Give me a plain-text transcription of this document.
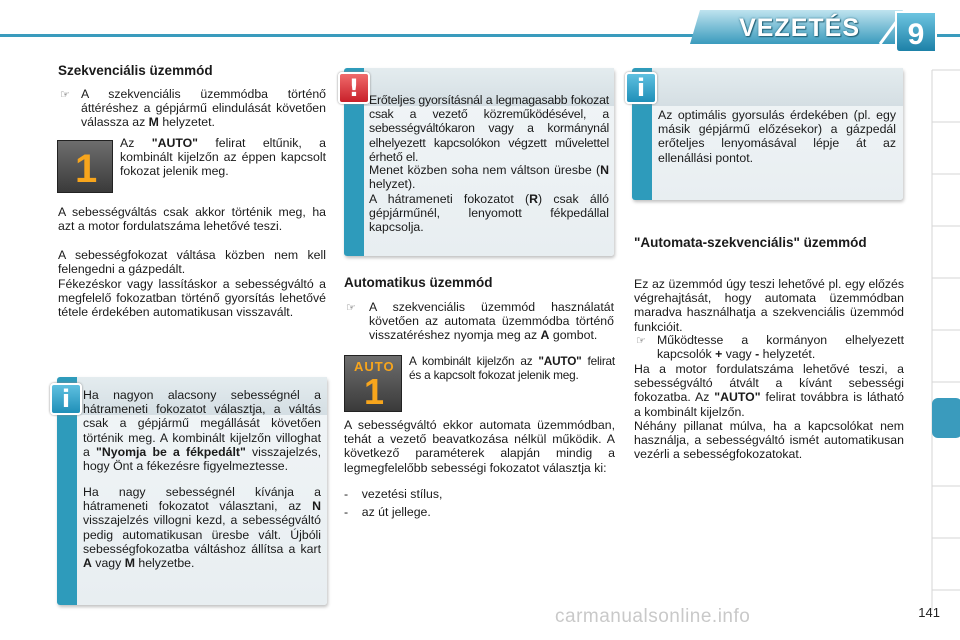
VEZETÉS 9
Szekvenciális üzemmód
☞ A szekvenciális üzemmódba történő áttéréshez a gépjármű elindulását követően válassza az M helyzetet.

1

Az "AUTO" felirat eltűnik, a kombinált kijelzőn az éppen kapcsolt fokozat jelenik meg.

A sebességváltás csak akkor történik meg, ha azt a motor fordulatszáma lehetővé teszi.

A sebességfokozat váltása közben nem kell felengedni a gázpedált.

Fékezéskor vagy lassításkor a sebességváltó a megfelelő fokozatban történő gyorsítás lehetővé tétele érdekében automatikusan visszavált.

i	Ha nagyon alacsony sebességnél a hátrameneti fokozatot választja, a váltás csak a gépjármű megállását követően történik meg. A kombinált kijelzőn villoghat a "Nyomja be a fékpedált" visszajelzés, hogy Önt a fékezésre figyelmeztesse.

Ha nagy sebességnél kívánja a hátrameneti fokozatot választani, az N visszajelzés villogni kezd, a sebességváltó pedig automatikusan üresbe vált. Újbóli sebességfokozatba váltáshoz állítsa a kart A vagy M helyzetbe.

! Erőteljes gyorsításnál a legmagasabb fokozat csak a vezető közreműködésével, a sebességváltókaron vagy a kormánynál elhelyezett kapcsolókon végzett művelettel érhető el.

Menet közben soha nem váltson üresbe (N helyzet).

A hátrameneti fokozatot (R) csak álló gépjárműnél, lenyomott fékpedállal kapcsolja.

Automatikus üzemmód
☞ A szekvenciális üzemmód használatát követően az automata üzemmódba történő visszatéréshez nyomja meg az A gombot.

AUTO
1

A kombinált kijelzőn az "AUTO" felirat és a kapcsolt fokozat jelenik meg.

A sebességváltó ekkor automata üzemmódban, tehát a vezető beavatkozása nélkül működik. A következő paraméterek alapján mindig a legmegfelelőbb sebességi fokozatot választja ki:

-    vezetési stílus,

-    az út jellege.

i

Az optimális gyorsulás érdekében (pl. egy másik gépjármű előzésekor) a gázpedál erőteljes lenyomásával lépje át az ellenállási pontot.

"Automata-szekvenciális" üzemmód

Ez az üzemmód úgy teszi lehetővé pl. egy előzés végrehajtását, hogy automata üzemmódban maradva használhatja a szekvenciális üzemmód funkcióit.

☞ Működtesse a kormányon elhelyezett kapcsolók + vagy - helyzetét.

Ha a motor fordulatszáma lehetővé teszi, a sebességváltó átvált a kívánt sebességi fokozatba. Az "AUTO" felirat továbbra is látható a kombinált kijelzőn.

Néhány pillanat múlva, ha a kapcsolókat nem használja, a sebességváltó ismét automatikusan vezérli a sebességfokozatokat.

141
carmanualsonline.info
